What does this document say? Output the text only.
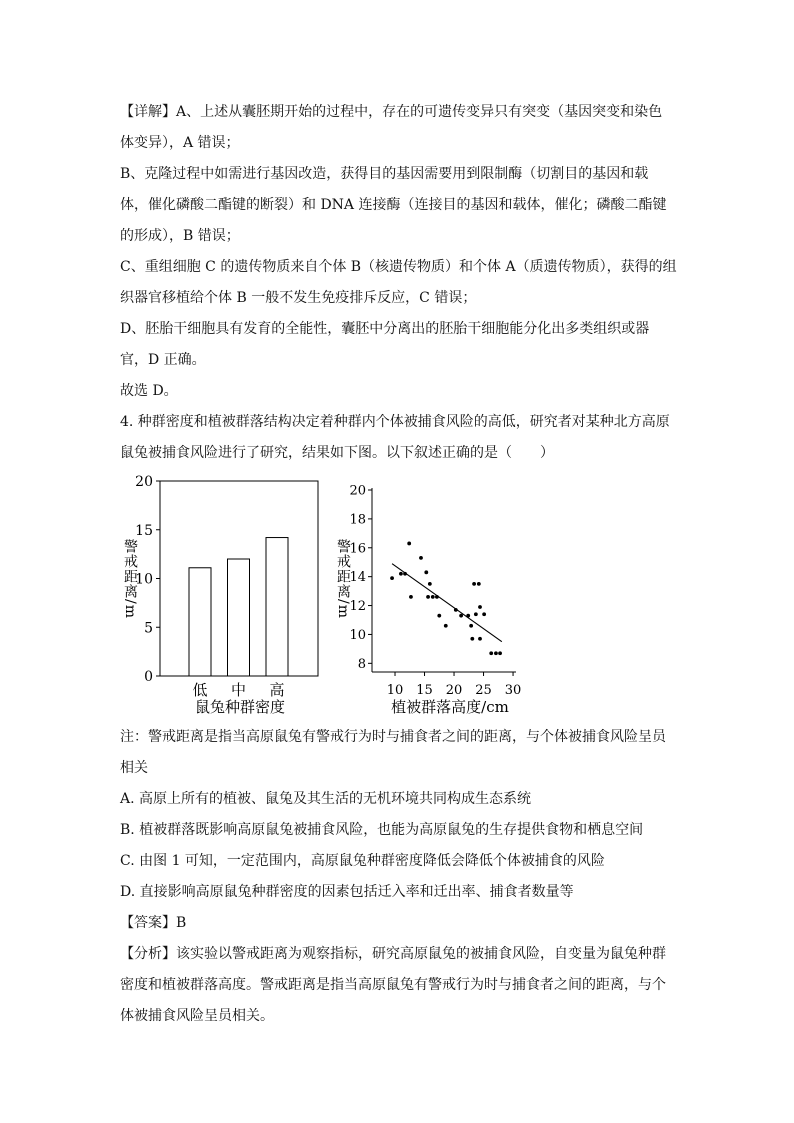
【详解】A、上述从囊胚期开始的过程中，存在的可遗传变异只有突变（基因突变和染色
体变异），A 错误；
B、克隆过程中如需进行基因改造，获得目的基因需要用到限制酶（切割目的基因和载
体，催化磷酸二酯键的断裂）和 DNA 连接酶（连接目的基因和载体，催化；磷酸二酯键
的形成），B 错误；
C、重组细胞 C 的遗传物质来自个体 B（核遗传物质）和个体 A（质遗传物质），获得的组
织器官移植给个体 B 一般不发生免疫排斥反应，C 错误；
D、胚胎干细胞具有发育的全能性，囊胚中分离出的胚胎干细胞能分化出多类组织或器
官，D 正确。
故选 D。
4. 种群密度和植被群落结构决定着种群内个体被捕食风险的高低，研究者对某种北方高原
鼠兔被捕食风险进行了研究，结果如下图。以下叙述正确的是（　　）
0
5
10
15
20
低 中 高
鼠兔种群密度
8
10
12
14
16
18
20
10 15 20 25 30
植被群落高度/cm
警戒距离/m	警戒距离/m
注：警戒距离是指当高原鼠兔有警戒行为时与捕食者之间的距离，与个体被捕食风险呈员
相关
A. 高原上所有的植被、鼠兔及其生活的无机环境共同构成生态系统
B. 植被群落既影响高原鼠兔被捕食风险，也能为高原鼠兔的生存提供食物和栖息空间
C. 由图 1 可知，一定范围内，高原鼠兔种群密度降低会降低个体被捕食的风险
D. 直接影响高原鼠兔种群密度的因素包括迁入率和迁出率、捕食者数量等
【答案】B
【分析】该实验以警戒距离为观察指标，研究高原鼠兔的被捕食风险，自变量为鼠兔种群
密度和植被群落高度。警戒距离是指当高原鼠兔有警戒行为时与捕食者之间的距离，与个
体被捕食风险呈员相关。
